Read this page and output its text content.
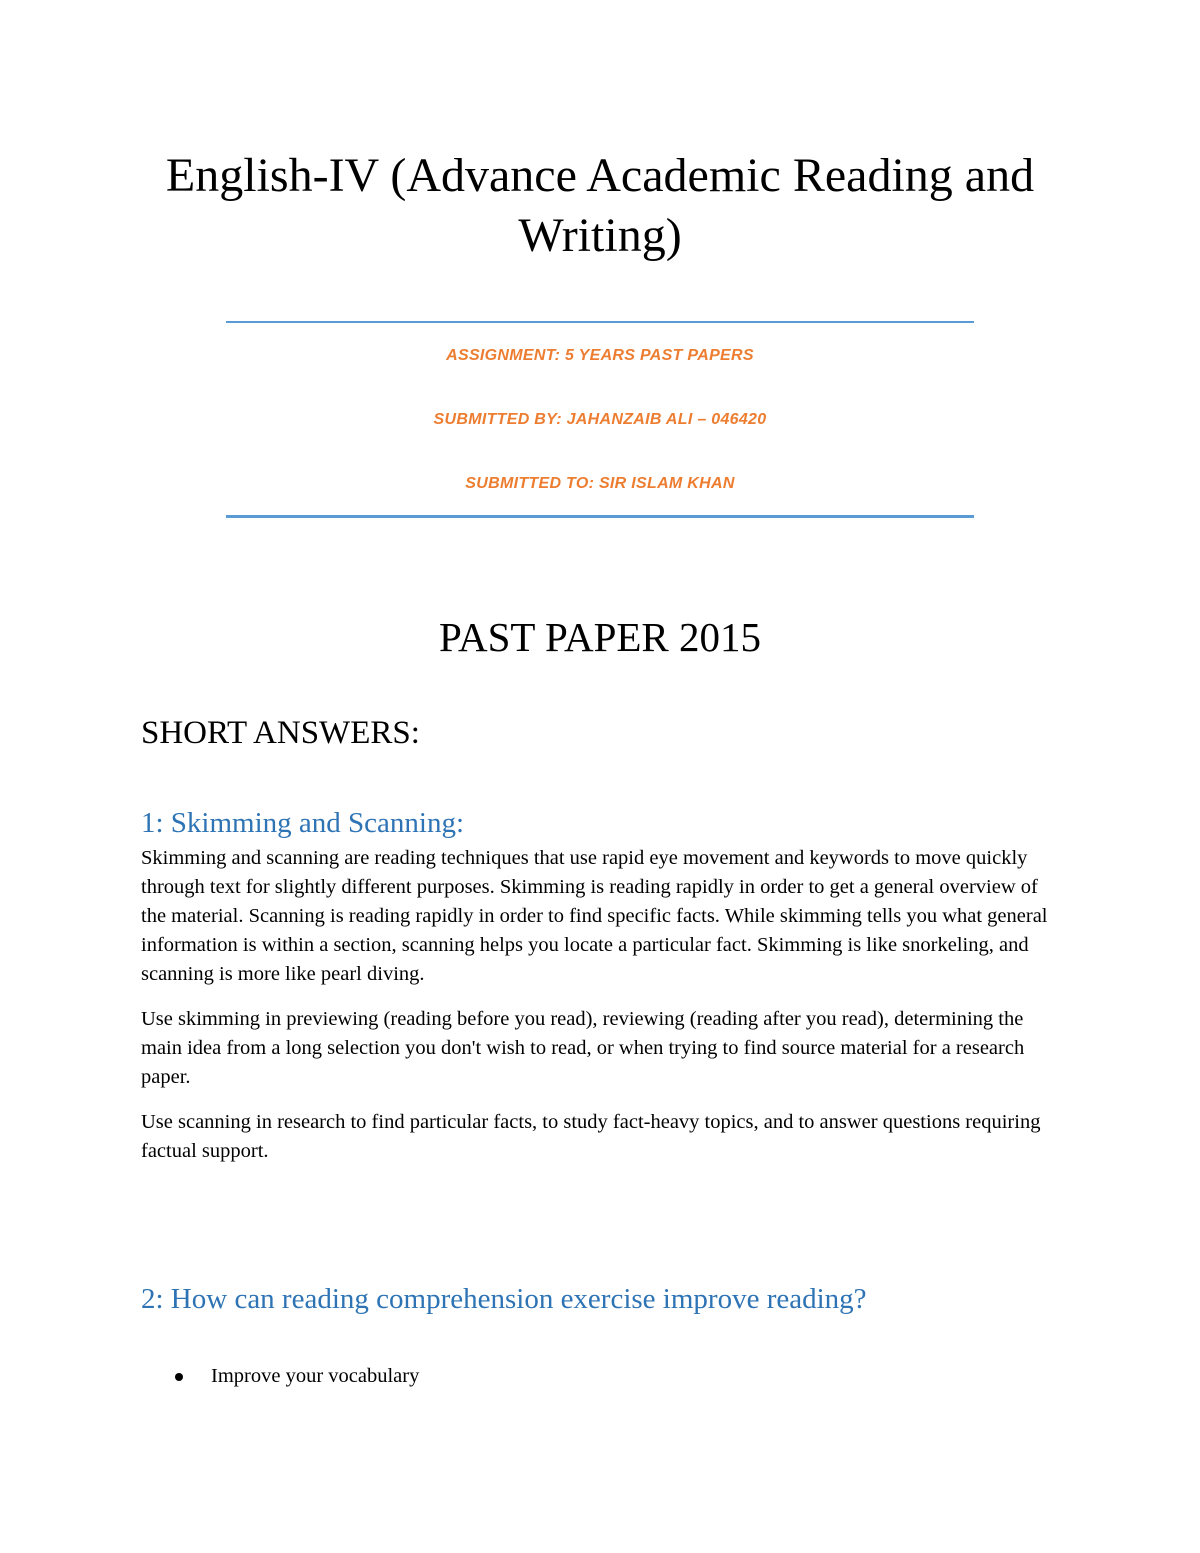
English-IV (Advance Academic Reading and Writing)

ASSIGNMENT: 5 YEARS PAST PAPERS

SUBMITTED BY: JAHANZAIB ALI – 046420

SUBMITTED TO: SIR ISLAM KHAN

PAST PAPER 2015
SHORT ANSWERS:
1: Skimming and Scanning:

Skimming and scanning are reading techniques that use rapid eye movement and keywords to move quickly through text for slightly different purposes. Skimming is reading rapidly in order to get a general overview of the material. Scanning is reading rapidly in order to find specific facts. While skimming tells you what general information is within a section, scanning helps you locate a particular fact. Skimming is like snorkeling, and scanning is more like pearl diving.

Use skimming in previewing (reading before you read), reviewing (reading after you read), determining the main idea from a long selection you don't wish to read, or when trying to find source material for a research paper.

Use scanning in research to find particular facts, to study fact-heavy topics, and to answer questions requiring factual support.

2: How can reading comprehension exercise improve reading?
Improve your vocabulary
